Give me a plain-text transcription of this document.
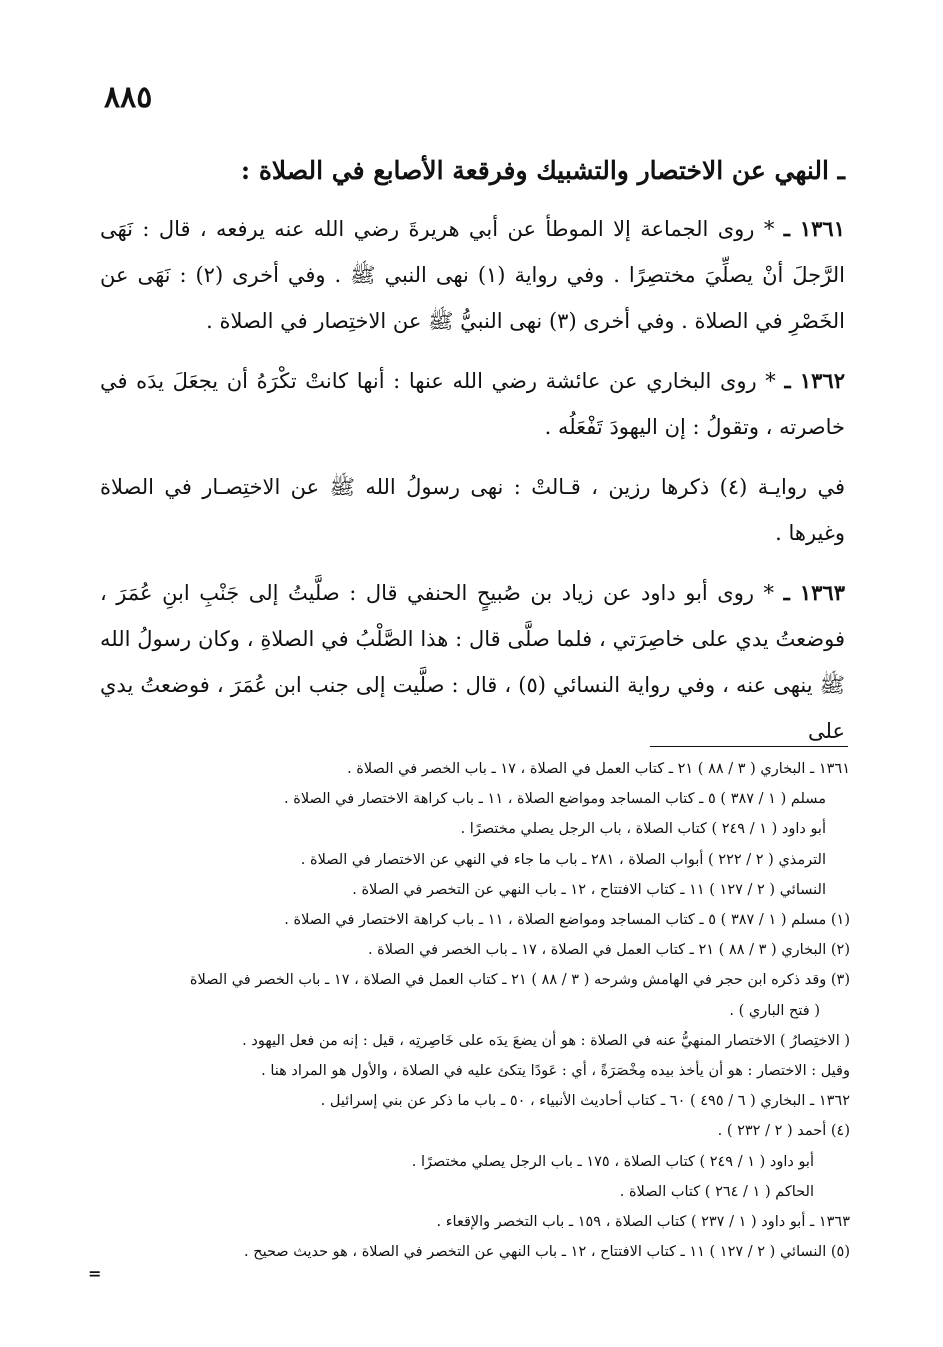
٨٨٥
ـ النهي عن الاختصار والتشبيك وفرقعة الأصابع في الصلاة :

١٣٦١ ـ * روى الجماعة إلا الموطأ عن أبي هريرةَ رضي الله عنه يرفعه ، قال : نَهَى الرَّجلَ أنْ يصلِّيَ مختصِرًا . وفي رواية (١) نهى النبي ﷺ . وفي أخرى (٢) : نَهَى عن الخَصْرِ في الصلاة . وفي أخرى (٣) نهى النبيُّ ﷺ عن الاختِصار في الصلاة .

١٣٦٢ ـ * روى البخاري عن عائشة رضي الله عنها : أنها كانتْ تكْرَهُ أن يجعَلَ يدَه في خاصرته ، وتقولُ : إن اليهودَ تَفْعَلُه .

في روايـة (٤) ذكرها رزين ، قـالتْ : نهى رسولُ الله ﷺ عن الاختِصـار في الصلاة وغيرها .

١٣٦٣ ـ * روى أبو داود عن زياد بن صُبيحٍ الحنفي قال : صلَّيتُ إلى جَنْبِ ابنِ عُمَرَ ، فوضعتُ يدي على خاصِرَتي ، فلما صلَّى قال : هذا الصَّلْبُ في الصلاةِ ، وكان رسولُ الله ﷺ ينهى عنه ، وفي رواية النسائي (٥) ، قال : صلَّيت إلى جنب ابن عُمَرَ ، فوضعتُ يدي على

١٣٦١ ـ البخاري ( ٣ / ٨٨ ) ٢١ ـ كتاب العمل في الصلاة ، ١٧ ـ باب الخصر في الصلاة .

مسلم ( ١ / ٣٨٧ ) ٥ ـ كتاب المساجد ومواضع الصلاة ، ١١ ـ باب كراهة الاختصار في الصلاة .

أبو داود ( ١ / ٢٤٩ ) كتاب الصلاة ، باب الرجل يصلي مختصرًا .

الترمذي ( ٢ / ٢٢٢ ) أبواب الصلاة ، ٢٨١ ـ باب ما جاء في النهي عن الاختصار في الصلاة .

النسائي ( ٢ / ١٢٧ ) ١١ ـ كتاب الافتتاح ، ١٢ ـ باب النهي عن التخصر في الصلاة .

(١) مسلم ( ١ / ٣٨٧ ) ٥ ـ كتاب المساجد ومواضع الصلاة ، ١١ ـ باب كراهة الاختصار في الصلاة .

(٢) البخاري ( ٣ / ٨٨ ) ٢١ ـ كتاب العمل في الصلاة ، ١٧ ـ باب الخصر في الصلاة .

(٣) وقد ذكره ابن حجر في الهامش وشرحه ( ٣ / ٨٨ ) ٢١ ـ كتاب العمل في الصلاة ، ١٧ ـ باب الخصر في الصلاة

( فتح الباري ) .

( الاختِصارُ ) الاختصار المنهيُّ عنه في الصلاة : هو أن يضعَ يدَه على خَاصِرتِه ، قيل : إنه من فعل اليهود .

وقيل : الاختصار : هو أن يأخذ بيده مِخْصَرَةً ، أي : عَودًا يتكئ عليه في الصلاة ، والأول هو المراد هنا .

١٣٦٢ ـ البخاري ( ٦ / ٤٩٥ ) ٦٠ ـ كتاب أحاديث الأنبياء ، ٥٠ ـ باب ما ذكر عن بني إسرائيل .

(٤) أحمد ( ٢ / ٢٣٢ ) .

أبو داود ( ١ / ٢٤٩ ) كتاب الصلاة ، ١٧٥ ـ باب الرجل يصلي مختصرًا .

الحاكم ( ١ / ٢٦٤ ) كتاب الصلاة .

١٣٦٣ ـ أبو داود ( ١ / ٢٣٧ ) كتاب الصلاة ، ١٥٩ ـ باب التخصر والإقعاء .

(٥) النسائي ( ٢ / ١٢٧ ) ١١ ـ كتاب الافتتاح ، ١٢ ـ باب النهي عن التخصر في الصلاة ، هو حديث صحيح .

=
